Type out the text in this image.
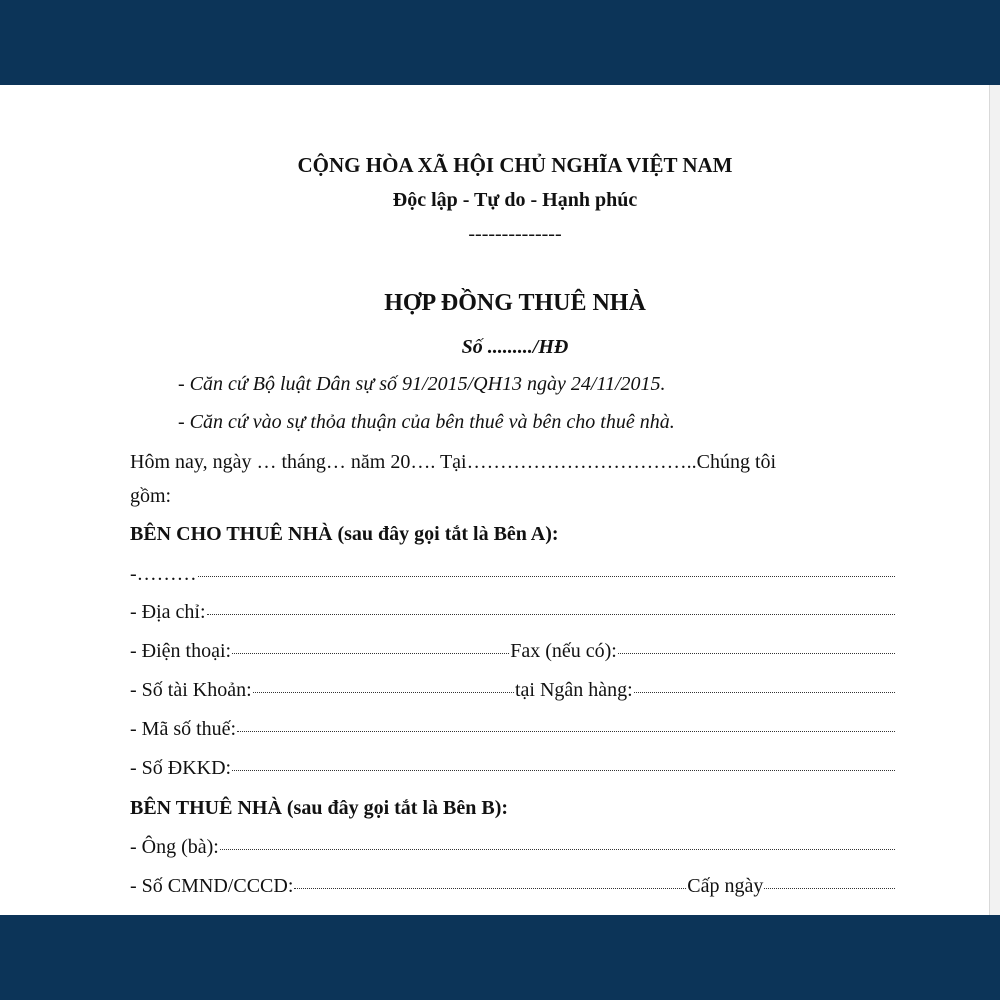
CỘNG HÒA XÃ HỘI CHỦ NGHĨA VIỆT NAM
Độc lập - Tự do - Hạnh phúc
--------------
HỢP ĐỒNG THUÊ NHÀ
Số ........./HĐ
- Căn cứ Bộ luật Dân sự số 91/2015/QH13 ngày 24/11/2015.
- Căn cứ vào sự thỏa thuận của bên thuê và bên cho thuê nhà.
Hôm nay, ngày … tháng… năm 20…. Tại……………………………..Chúng tôi
gồm:
BÊN CHO THUÊ NHÀ (sau đây gọi tắt là Bên A):
-………
- Địa chỉ:
- Điện thoại:	Fax (nếu có):
- Số tài Khoản:	tại Ngân hàng:
- Mã số thuế:
- Số ĐKKD:
BÊN THUÊ NHÀ (sau đây gọi tắt là Bên B):
- Ông (bà):
- Số CMND/CCCD:	Cấp ngày
